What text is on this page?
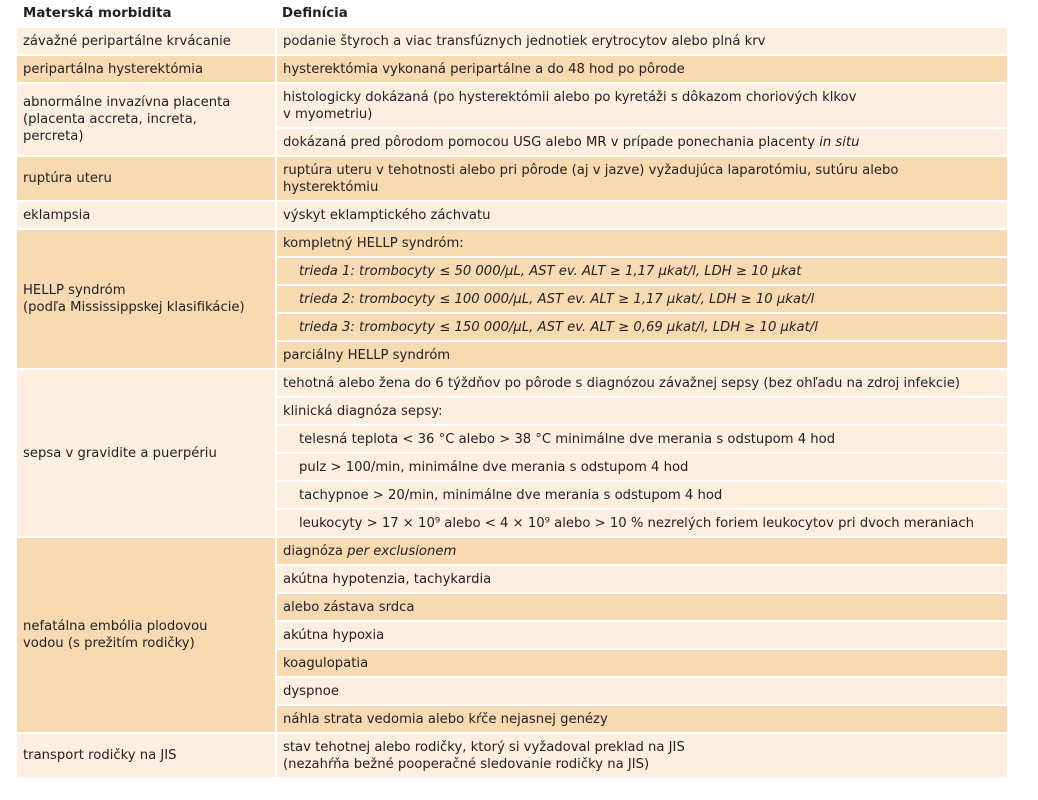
Materská morbidita	Definícia
závažné peripartálne krvácanie	podanie štyroch a viac transfúznych jednotiek erytrocytov alebo plná krv
peripartálna hysterektómia	hysterektómia vykonaná peripartálne a do 48 hod po pôrode

abnormálne invazívna placenta
(placenta accreta, increta,
percreta)	histologicky dokázaná (po hysterektómii alebo po kyretáži s dôkazom choriových klkov
v myometriu)

	dokázaná pred pôrodom pomocou USG alebo MR v prípade ponechania placenty in situ
ruptúra uteru	ruptúra uteru v tehotnosti alebo pri pôrode (aj v jazve) vyžadujúca laparotómiu, sutúru alebo
hysterektómiu

eklampsia	výskyt eklamptického záchvatu

HELLP syndróm
(podľa Mississippskej klasifikácie)	kompletný HELLP syndróm:
	trieda 1: trombocyty ≤ 50 000/μL, AST ev. ALT ≥ 1,17 μkat/l, LDH ≥ 10 μkat
	trieda 2: trombocyty ≤ 100 000/μL, AST ev. ALT ≥ 1,17 μkat/, LDH ≥ 10 μkat/l
	trieda 3: trombocyty ≤ 150 000/μL, AST ev. ALT ≥ 0,69 μkat/l, LDH ≥ 10 μkat/l
	parciálny HELLP syndróm
sepsa v gravidite a puerpériu	tehotná alebo žena do 6 týždňov po pôrode s diagnózou závažnej sepsy (bez ohľadu na zdroj infekcie)
	klinická diagnóza sepsy:
	telesná teplota < 36 °C alebo > 38 °C minimálne dve merania s odstupom 4 hod
	pulz > 100/min, minimálne dve merania s odstupom 4 hod
	tachypnoe > 20/min, minimálne dve merania s odstupom 4 hod
	leukocyty > 17 × 10⁹ alebo < 4 × 10⁹ alebo > 10 % nezrelých foriem leukocytov pri dvoch meraniach

nefatálna embólia plodovou
vodou (s prežitím rodičky)	diagnóza per exclusionem
	akútna hypotenzia, tachykardia
	alebo zástava srdca
	akútna hypoxia
	koagulopatia
	dyspnoe
	náhla strata vedomia alebo kŕče nejasnej genézy
transport rodičky na JIS	stav tehotnej alebo rodičky, ktorý si vyžadoval preklad na JIS
(nezahŕňa bežné pooperačné sledovanie rodičky na JIS)
